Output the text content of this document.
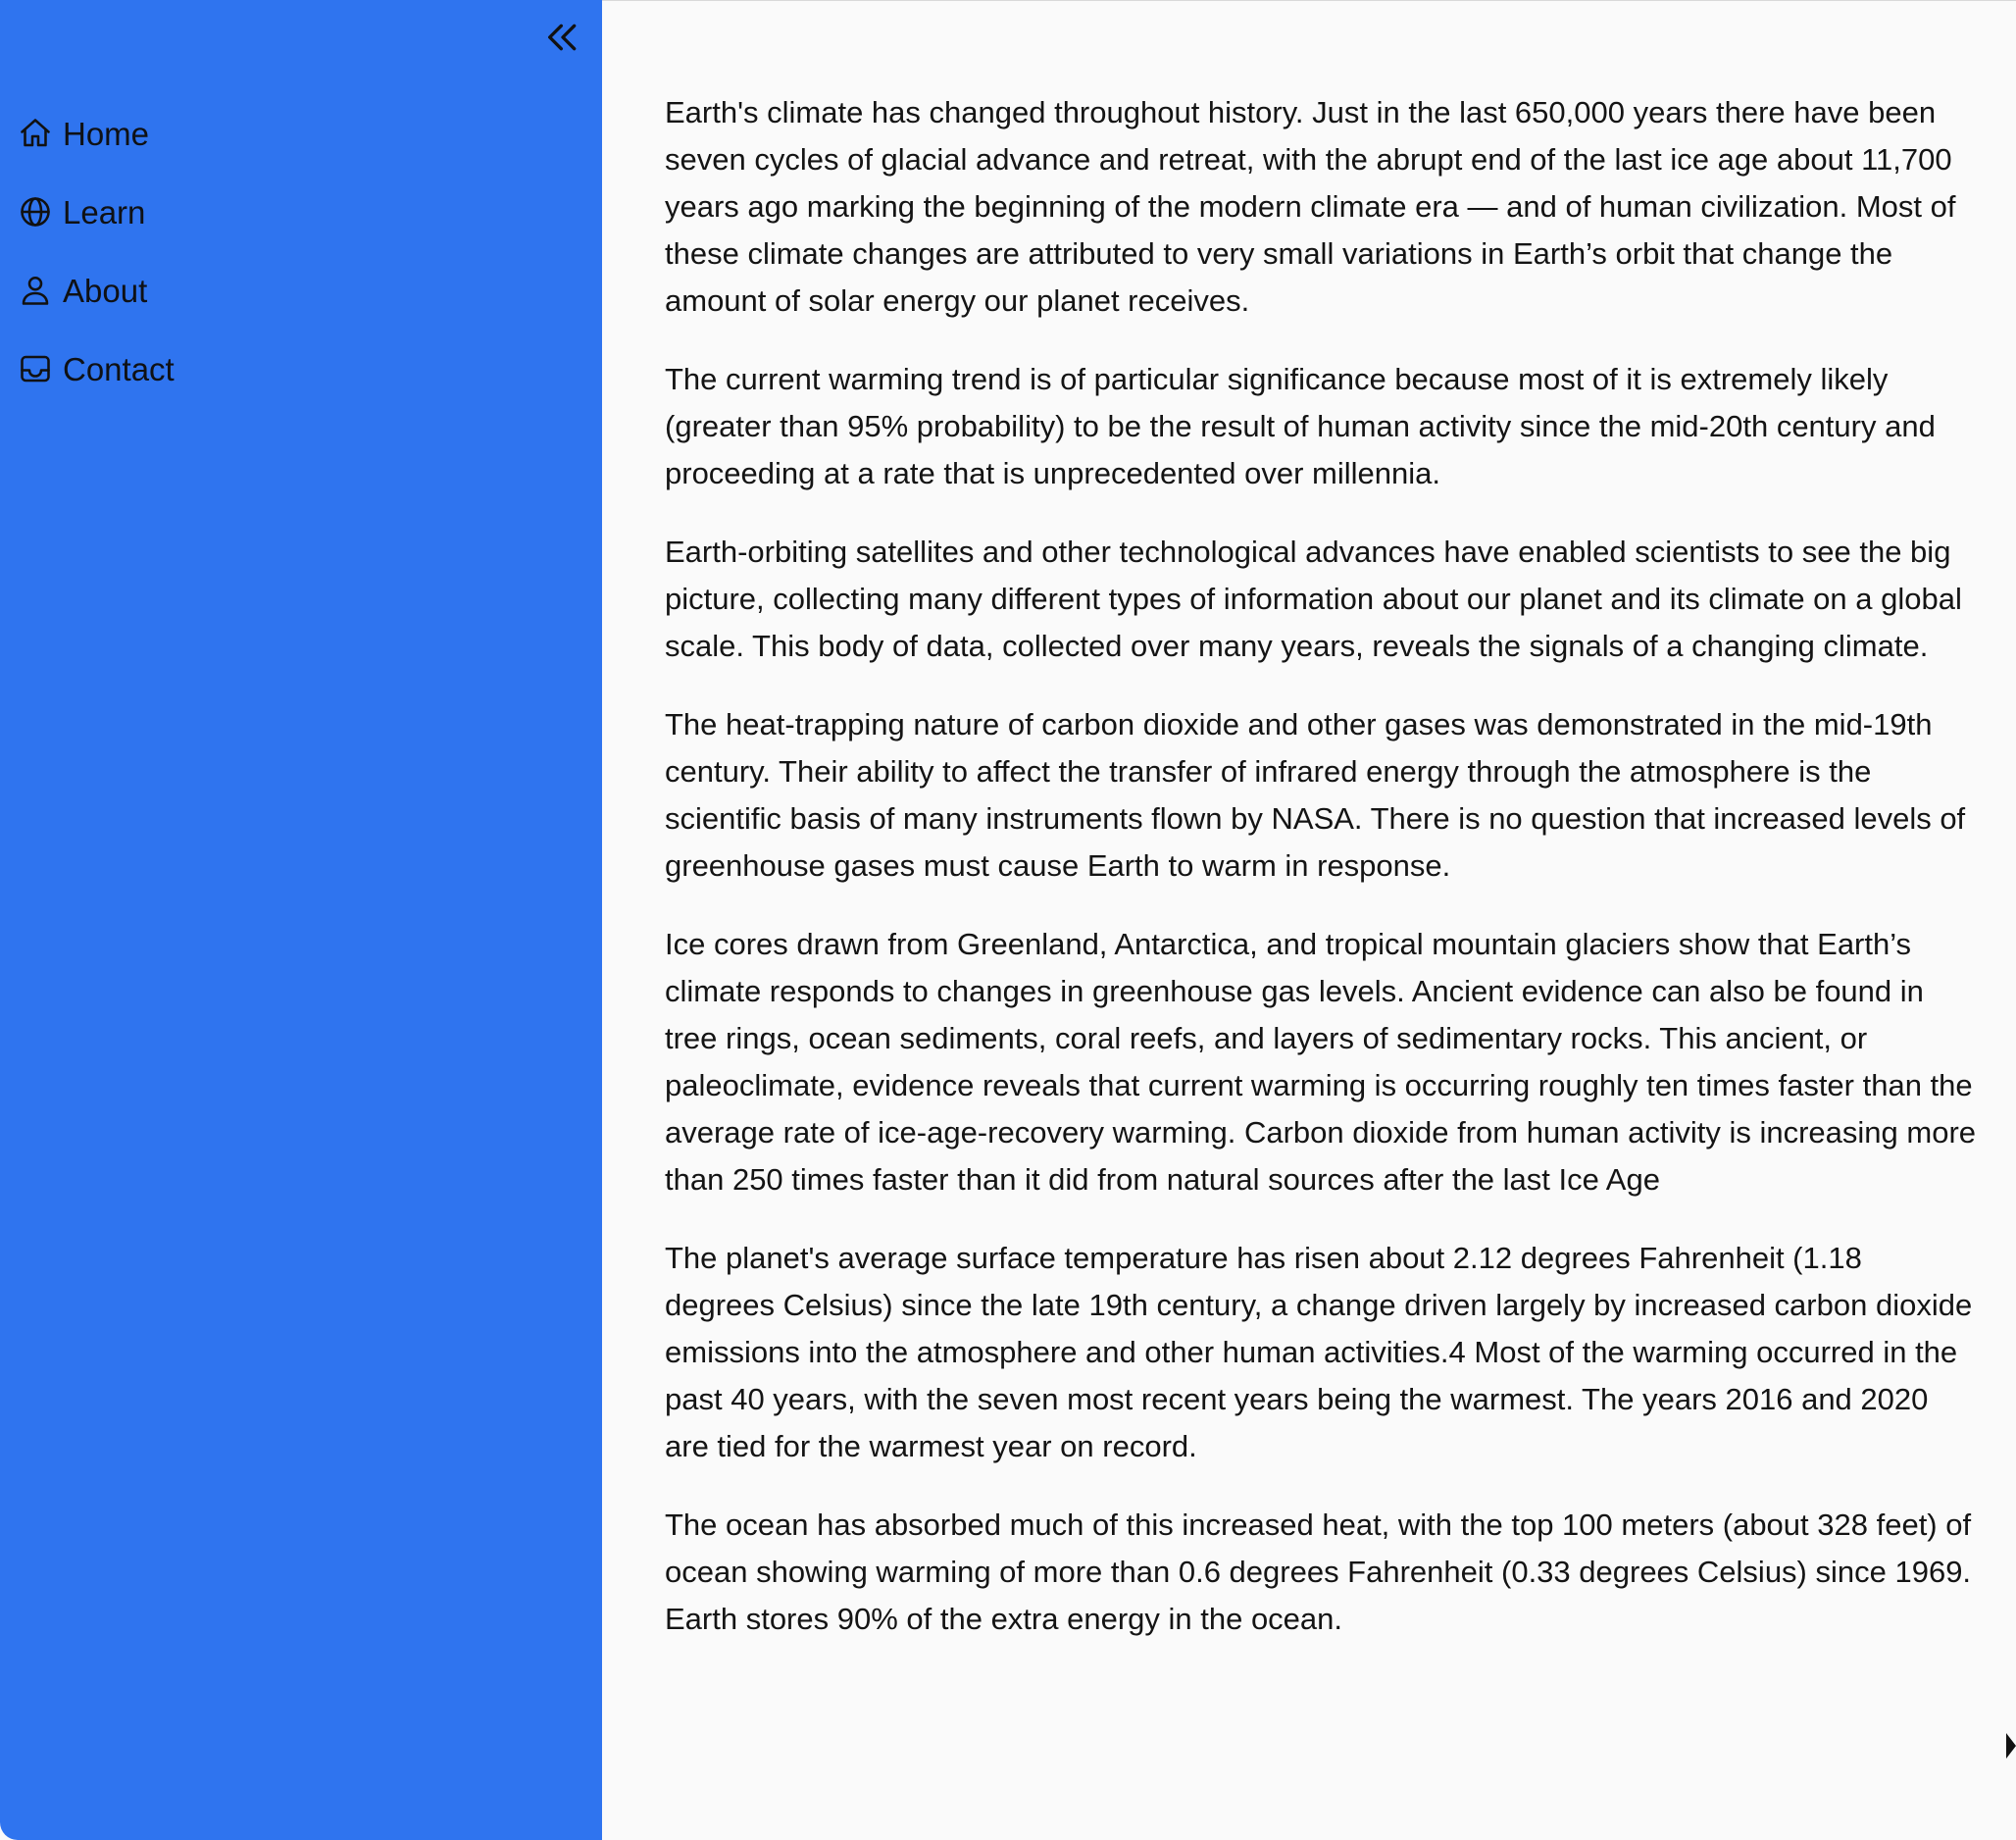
Home
Learn
About
Contact

Earth's climate has changed throughout history. Just in the last 650,000 years there have been seven cycles of glacial advance and retreat, with the abrupt end of the last ice age about 11,700 years ago marking the beginning of the modern climate era — and of human civilization. Most of these climate changes are attributed to very small variations in Earth’s orbit that change the amount of solar energy our planet receives.

The current warming trend is of particular significance because most of it is extremely likely (greater than 95% probability) to be the result of human activity since the mid-20th century and proceeding at a rate that is unprecedented over millennia.

Earth-orbiting satellites and other technological advances have enabled scientists to see the big picture, collecting many different types of information about our planet and its climate on a global scale. This body of data, collected over many years, reveals the signals of a changing climate.

The heat-trapping nature of carbon dioxide and other gases was demonstrated in the mid-19th century. Their ability to affect the transfer of infrared energy through the atmosphere is the scientific basis of many instruments flown by NASA. There is no question that increased levels of greenhouse gases must cause Earth to warm in response.

Ice cores drawn from Greenland, Antarctica, and tropical mountain glaciers show that Earth’s climate responds to changes in greenhouse gas levels. Ancient evidence can also be found in tree rings, ocean sediments, coral reefs, and layers of sedimentary rocks. This ancient, or paleoclimate, evidence reveals that current warming is occurring roughly ten times faster than the average rate of ice-age-recovery warming. Carbon dioxide from human activity is increasing more than 250 times faster than it did from natural sources after the last Ice Age

The planet's average surface temperature has risen about 2.12 degrees Fahrenheit (1.18 degrees Celsius) since the late 19th century, a change driven largely by increased carbon dioxide emissions into the atmosphere and other human activities.4 Most of the warming occurred in the past 40 years, with the seven most recent years being the warmest. The years 2016 and 2020 are tied for the warmest year on record.

The ocean has absorbed much of this increased heat, with the top 100 meters (about 328 feet) of ocean showing warming of more than 0.6 degrees Fahrenheit (0.33 degrees Celsius) since 1969. Earth stores 90% of the extra energy in the ocean.
